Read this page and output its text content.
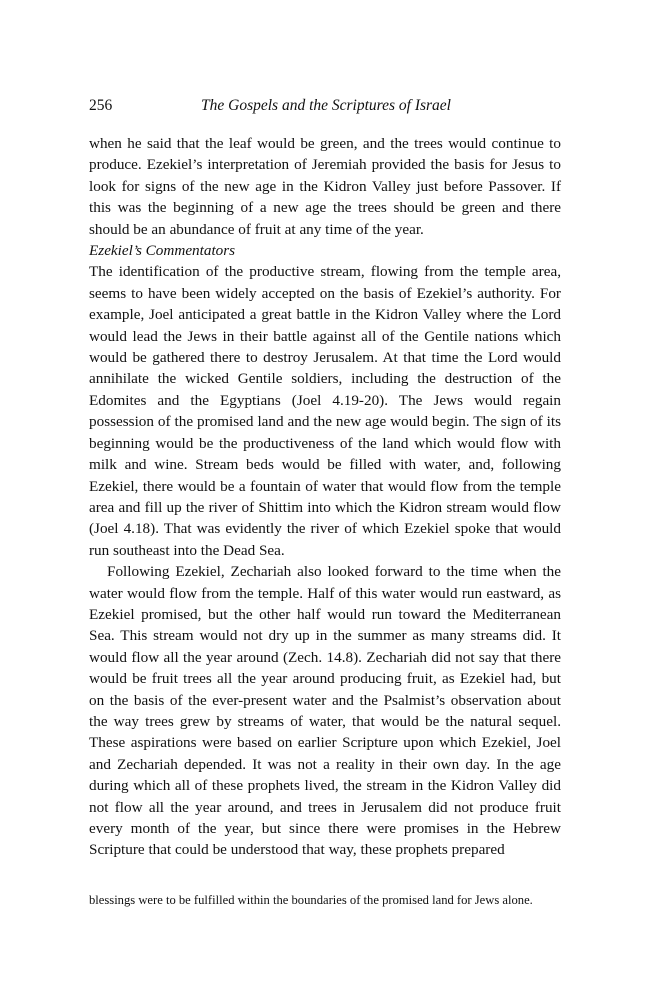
256	The Gospels and the Scriptures of Israel

when he said that the leaf would be green, and the trees would continue to produce. Ezekiel’s interpretation of Jeremiah provided the basis for Jesus to look for signs of the new age in the Kidron Valley just before Passover. If this was the beginning of a new age the trees should be green and there should be an abundance of fruit at any time of the year.

Ezekiel’s Commentators

The identification of the productive stream, flowing from the temple area, seems to have been widely accepted on the basis of Ezekiel’s authority. For example, Joel anticipated a great battle in the Kidron Valley where the Lord would lead the Jews in their battle against all of the Gentile nations which would be gathered there to destroy Jerusalem. At that time the Lord would annihilate the wicked Gentile soldiers, including the destruction of the Edomites and the Egyptians (Joel 4.19-20). The Jews would regain possession of the promised land and the new age would begin. The sign of its beginning would be the productiveness of the land which would flow with milk and wine. Stream beds would be filled with water, and, following Ezekiel, there would be a fountain of water that would flow from the temple area and fill up the river of Shittim into which the Kidron stream would flow (Joel 4.18). That was evidently the river of which Ezekiel spoke that would run southeast into the Dead Sea.

Following Ezekiel, Zechariah also looked forward to the time when the water would flow from the temple. Half of this water would run eastward, as Ezekiel promised, but the other half would run toward the Mediterranean Sea. This stream would not dry up in the summer as many streams did. It would flow all the year around (Zech. 14.8). Zechariah did not say that there would be fruit trees all the year around producing fruit, as Ezekiel had, but on the basis of the ever-present water and the Psalmist’s observation about the way trees grew by streams of water, that would be the natural sequel. These aspirations were based on earlier Scripture upon which Ezekiel, Joel and Zechariah depended. It was not a reality in their own day. In the age during which all of these prophets lived, the stream in the Kidron Valley did not flow all the year around, and trees in Jerusalem did not produce fruit every month of the year, but since there were promises in the Hebrew Scripture that could be understood that way, these prophets prepared

blessings were to be fulfilled within the boundaries of the promised land for Jews alone.
